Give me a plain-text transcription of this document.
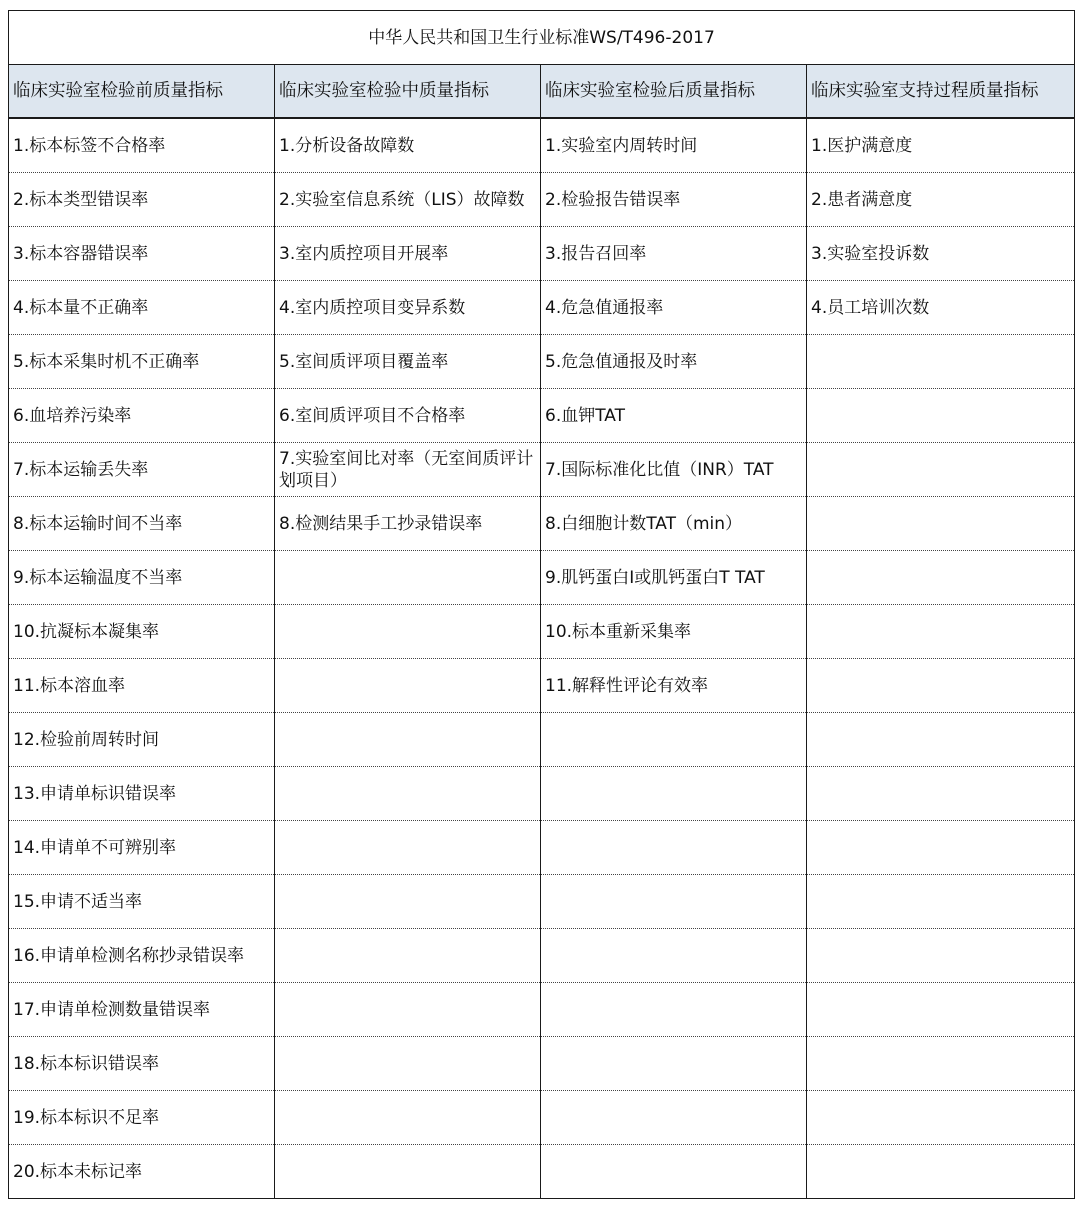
中华人民共和国卫生行业标准WS/T496-2017			
临床实验室检验前质量指标	临床实验室检验中质量指标	临床实验室检验后质量指标	临床实验室支持过程质量指标
1.标本标签不合格率	1.分析设备故障数	1.实验室内周转时间	1.医护满意度
2.标本类型错误率	2.实验室信息系统（LIS）故障数	2.检验报告错误率	2.患者满意度
3.标本容器错误率	3.室内质控项目开展率	3.报告召回率	3.实验室投诉数
4.标本量不正确率	4.室内质控项目变异系数	4.危急值通报率	4.员工培训次数
5.标本采集时机不正确率	5.室间质评项目覆盖率	5.危急值通报及时率	
6.血培养污染率	6.室间质评项目不合格率	6.血钾TAT	
7.标本运输丢失率	7.实验室间比对率（无室间质评计划项目）	7.国际标准化比值（INR）TAT	
8.标本运输时间不当率	8.检测结果手工抄录错误率	8.白细胞计数TAT（min）	
9.标本运输温度不当率		9.肌钙蛋白I或肌钙蛋白T TAT	
10.抗凝标本凝集率		10.标本重新采集率	
11.标本溶血率		11.解释性评论有效率	
12.检验前周转时间			
13.申请单标识错误率			
14.申请单不可辨别率			
15.申请不适当率			
16.申请单检测名称抄录错误率			
17.申请单检测数量错误率			
18.标本标识错误率			
19.标本标识不足率			
20.标本未标记率			
